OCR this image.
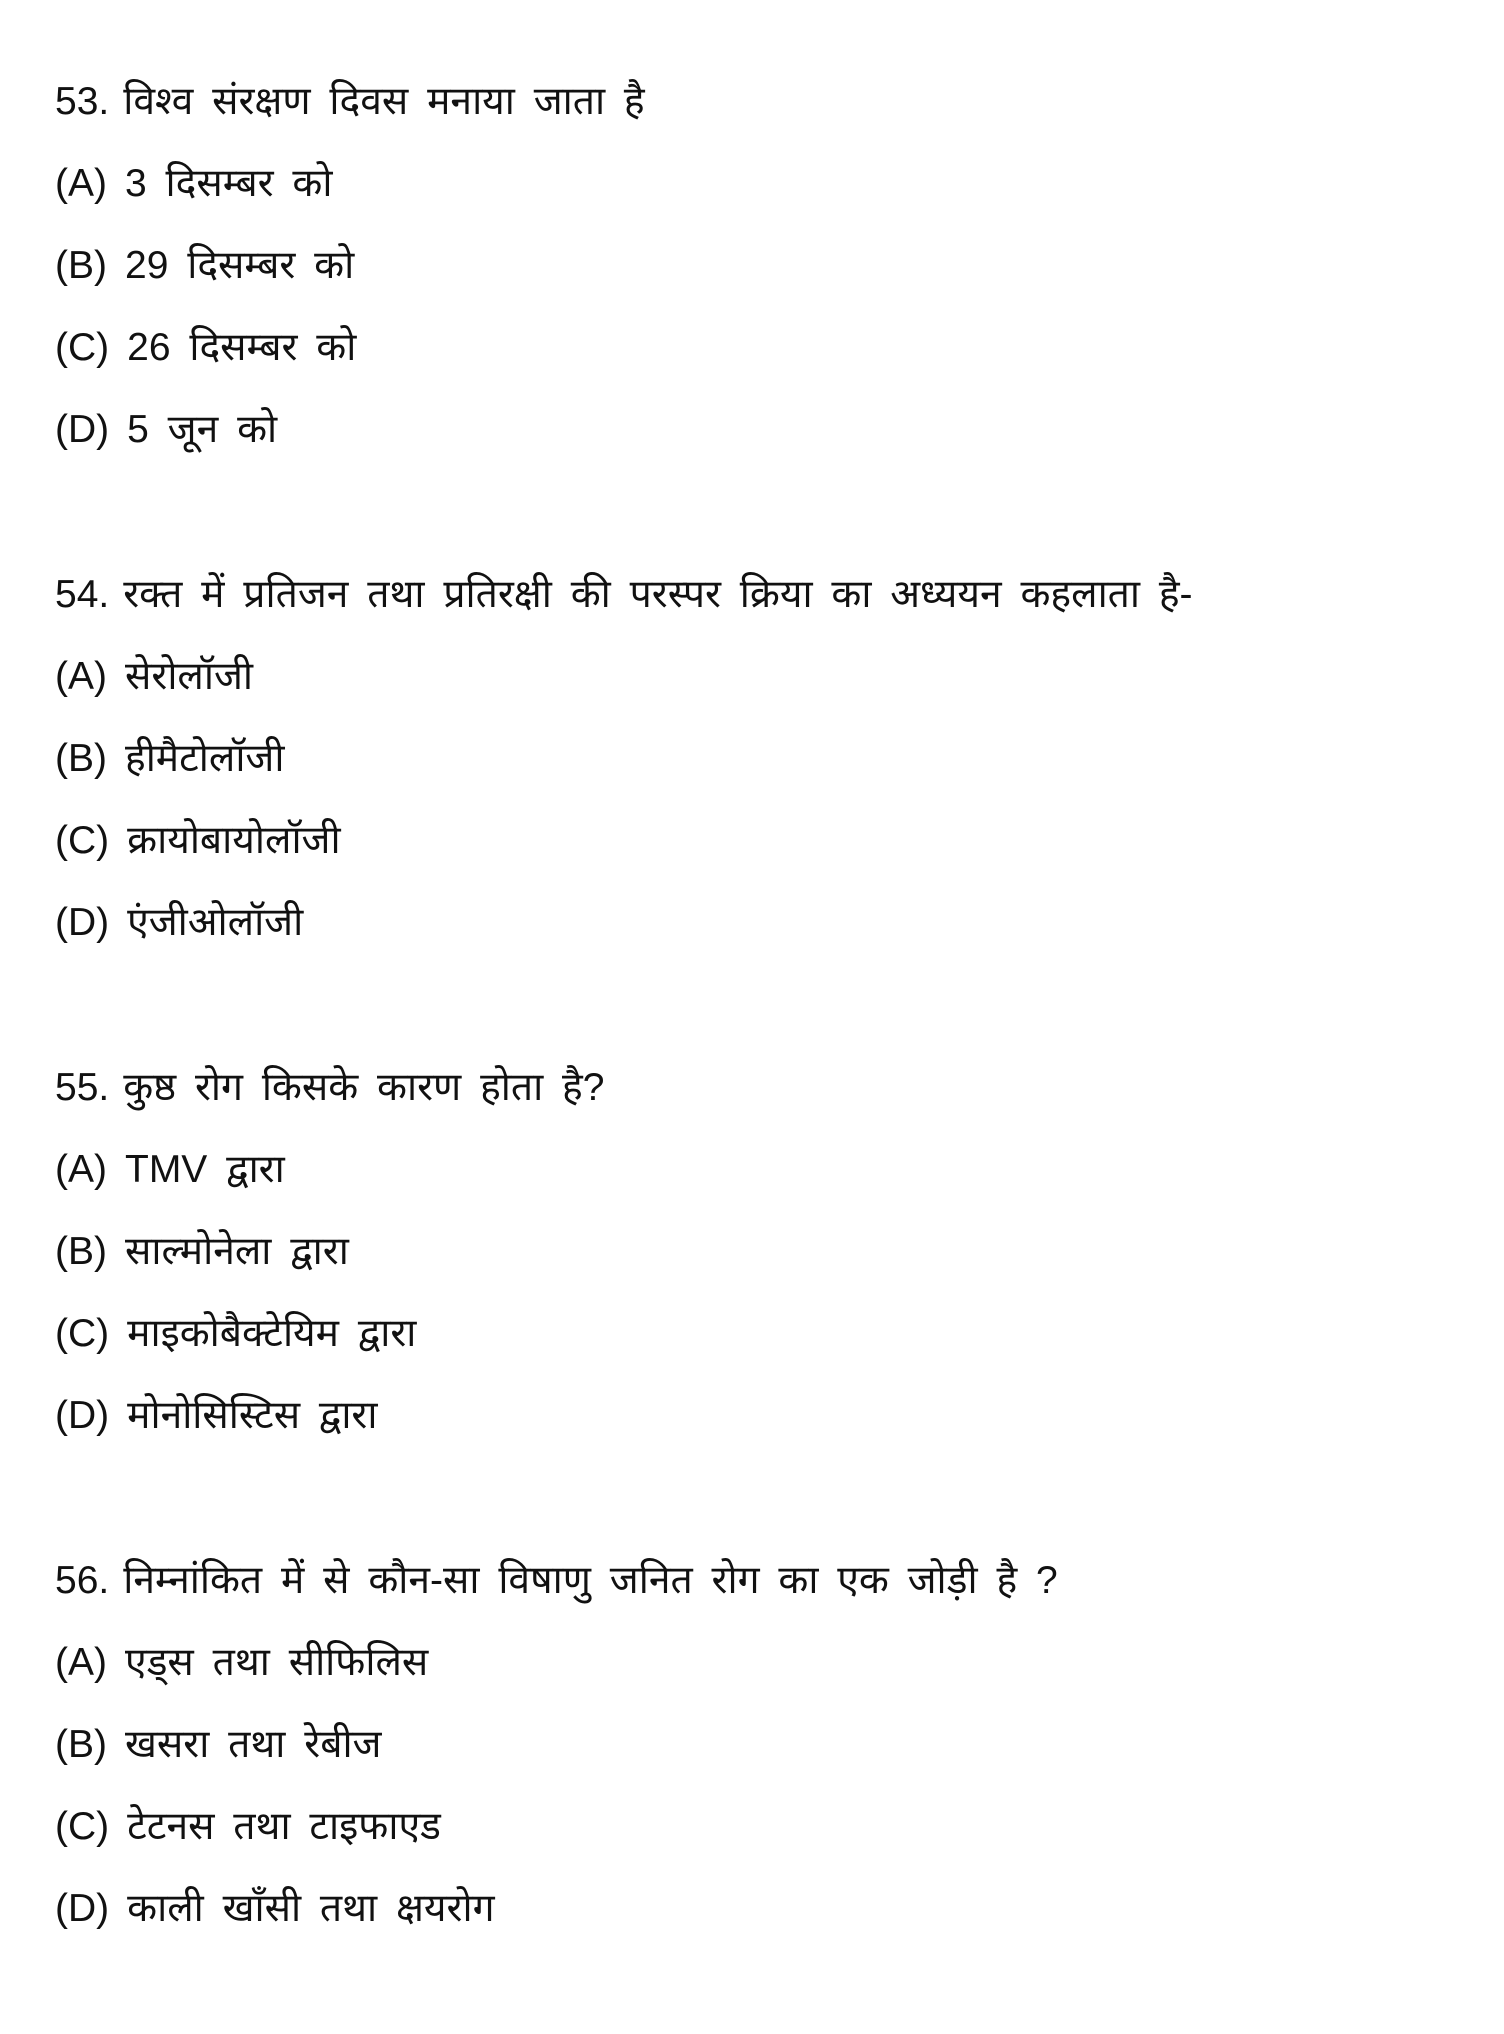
53. विश्व संरक्षण दिवस मनाया जाता है
(A) 3 दिसम्बर को
(B) 29 दिसम्बर को
(C) 26 दिसम्बर को
(D) 5 जून को
54. रक्त में प्रतिजन तथा प्रतिरक्षी की परस्पर क्रिया का अध्ययन कहलाता है-
(A) सेरोलॉजी
(B) हीमैटोलॉजी
(C) क्रायोबायोलॉजी
(D) एंजीओलॉजी
55. कुष्ठ रोग किसके कारण होता है?
(A) TMV द्वारा
(B) साल्मोनेला द्वारा
(C) माइकोबैक्टेयिम द्वारा
(D) मोनोसिस्टिस द्वारा
56. निम्नांकित में से कौन-सा विषाणु जनित रोग का एक जोड़ी है ?
(A) एड्स तथा सीफिलिस
(B) खसरा तथा रेबीज
(C) टेटनस तथा टाइफाएड
(D) काली खाँसी तथा क्षयरोग
